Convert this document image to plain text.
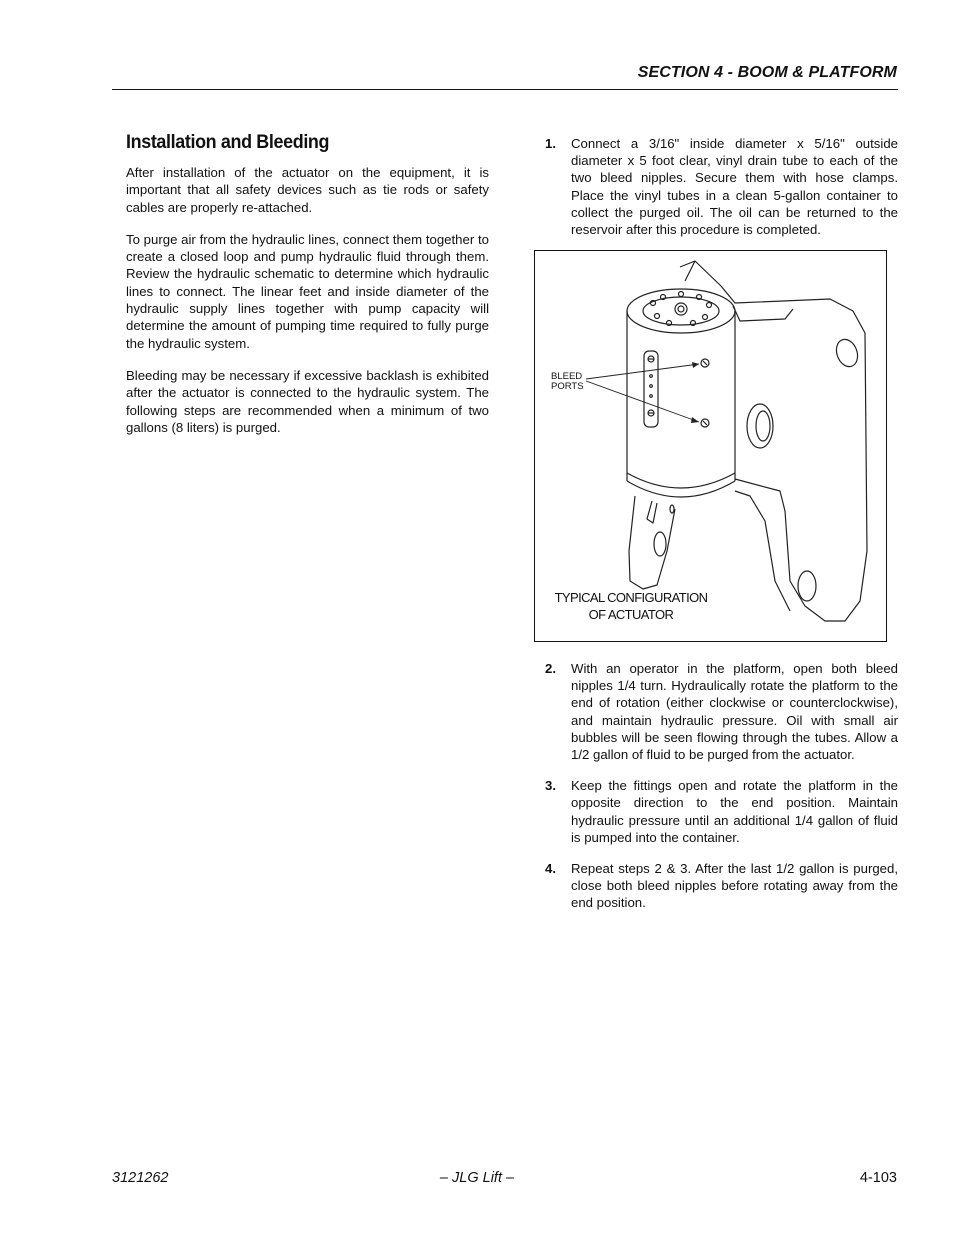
SECTION 4 - BOOM & PLATFORM
Installation and Bleeding

After installation of the actuator on the equipment, it is important that all safety devices such as tie rods or safety cables are properly re-attached.

To purge air from the hydraulic lines, connect them together to create a closed loop and pump hydraulic fluid through them. Review the hydraulic schematic to determine which hydraulic lines to connect. The linear feet and inside diameter of the hydraulic supply lines together with pump capacity will determine the amount of pumping time required to fully purge the hydraulic system.

Bleeding may be necessary if excessive backlash is exhibited after the actuator is connected to the hydraulic system. The following steps are recommended when a minimum of two gallons (8 liters) is purged.

1.	Connect a 3/16" inside diameter x 5/16" outside diameter x 5 foot clear, vinyl drain tube to each of the two bleed nipples. Secure them with hose clamps. Place the vinyl tubes in a clean 5-gallon container to collect the purged oil. The oil can be returned to the reservoir after this procedure is completed.
BLEED
PORTS
TYPICAL CONFIGURATION
OF ACTUATOR
2.	With an operator in the platform, open both bleed nipples 1/4 turn. Hydraulically rotate the platform to the end of rotation (either clockwise or counterclockwise), and maintain hydraulic pressure. Oil with small air bubbles will be seen flowing through the tubes. Allow a 1/2 gallon of fluid to be purged from the actuator.
3.	Keep the fittings open and rotate the platform in the opposite direction to the end position. Maintain hydraulic pressure until an additional 1/4 gallon of fluid is pumped into the container.
4.	Repeat steps 2 & 3. After the last 1/2 gallon is purged, close both bleed nipples before rotating away from the end position.
3121262	– JLG Lift –	4-103
